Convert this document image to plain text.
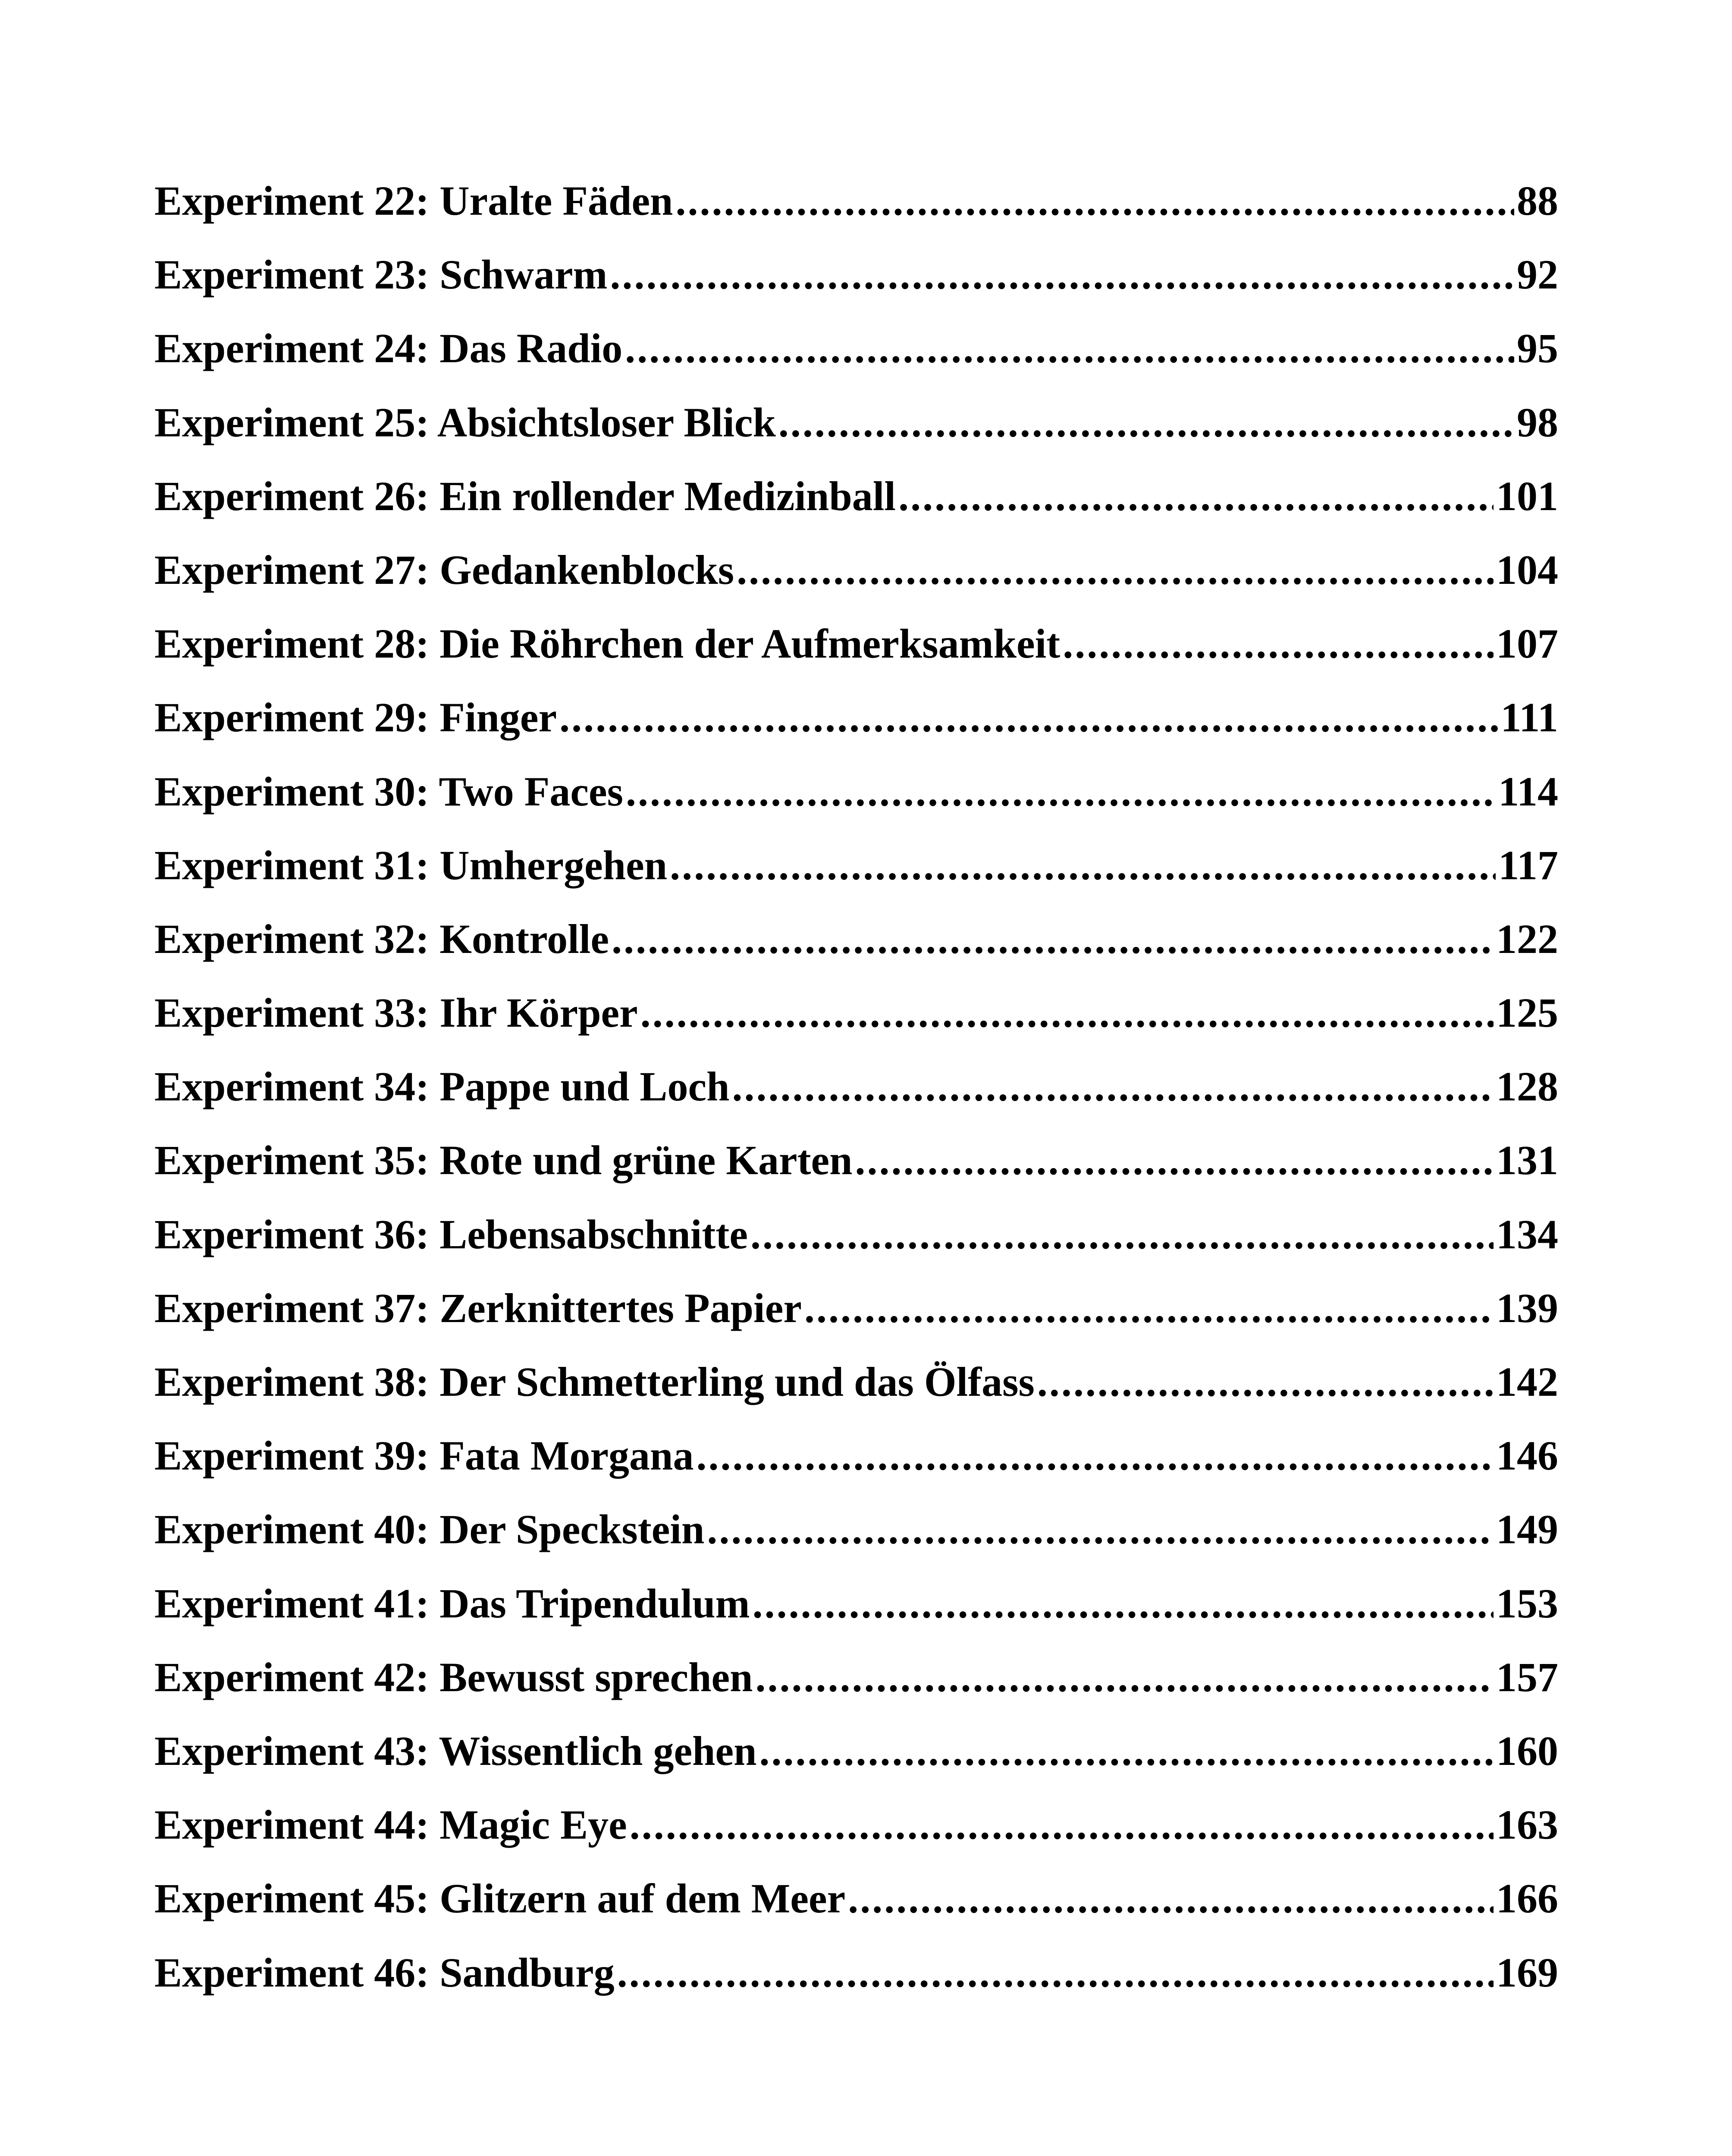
Experiment 22: Uralte Fäden .....	88
Experiment 23: Schwarm .....	92
Experiment 24: Das Radio .....	95
Experiment 25: Absichtsloser Blick .....	98
Experiment 26: Ein rollender Medizinball .....	101
Experiment 27: Gedankenblocks .....	104
Experiment 28: Die Röhrchen der Aufmerksamkeit .....	107
Experiment 29: Finger .....	111
Experiment 30: Two Faces .....	114
Experiment 31: Umhergehen .....	117
Experiment 32: Kontrolle .....	122
Experiment 33: Ihr Körper .....	125
Experiment 34: Pappe und Loch .....	128
Experiment 35: Rote und grüne Karten .....	131
Experiment 36: Lebensabschnitte .....	134
Experiment 37: Zerknittertes Papier .....	139
Experiment 38: Der Schmetterling und das Ölfass .....	142
Experiment 39: Fata Morgana .....	146
Experiment 40: Der Speckstein .....	149
Experiment 41: Das Tripendulum .....	153
Experiment 42: Bewusst sprechen .....	157
Experiment 43: Wissentlich gehen .....	160
Experiment 44: Magic Eye .....	163
Experiment 45: Glitzern auf dem Meer .....	166
Experiment 46: Sandburg .....	169
